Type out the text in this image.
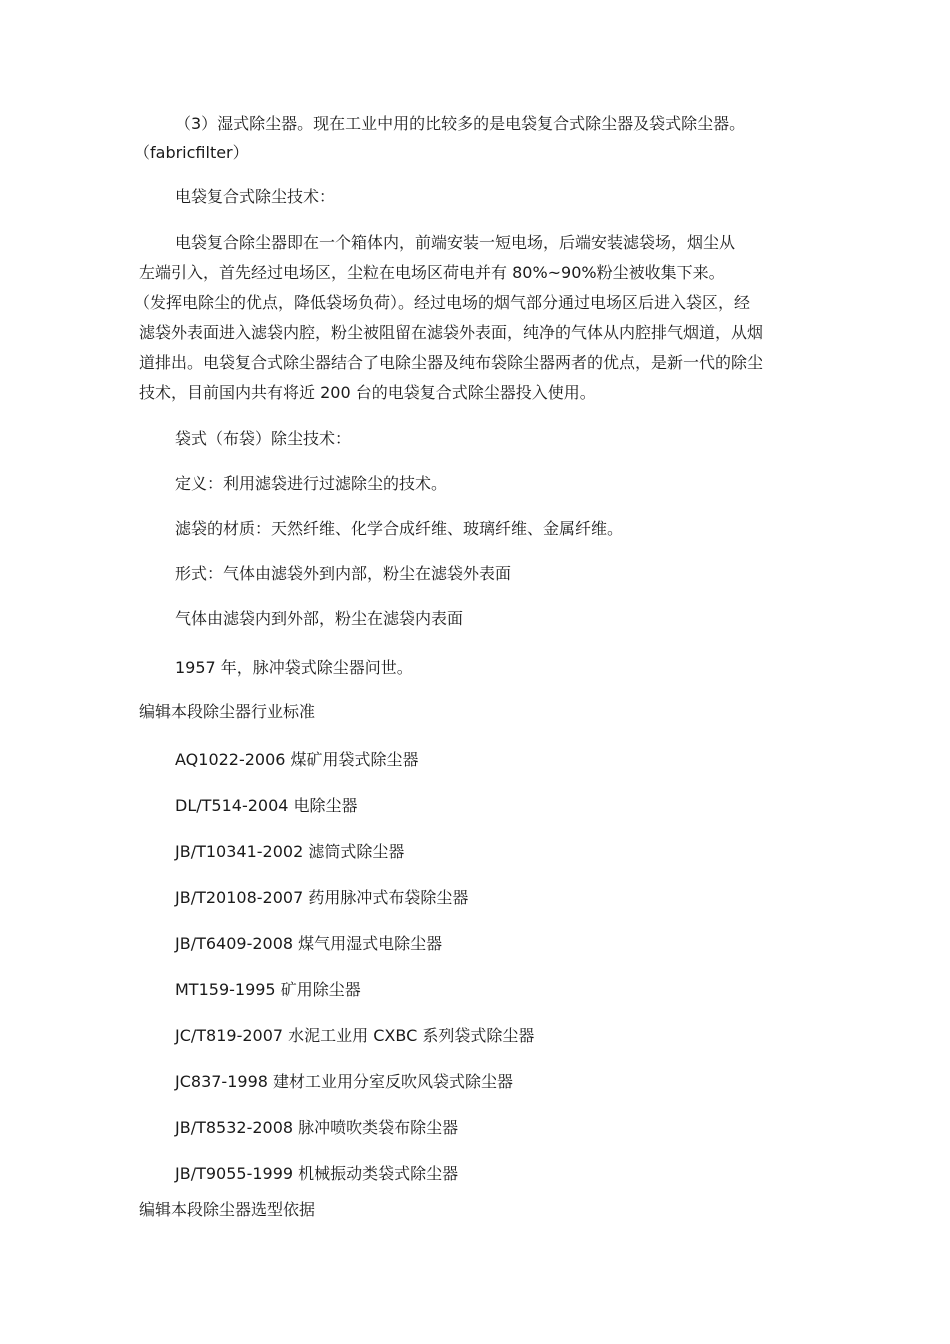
（3）湿式除尘器。现在工业中用的比较多的是电袋复合式除尘器及袋式除尘器。

（fabricfilter）

电袋复合式除尘技术：

电袋复合除尘器即在一个箱体内，前端安装一短电场，后端安装滤袋场，烟尘从

左端引入，首先经过电场区，尘粒在电场区荷电并有 80%~90%粉尘被收集下来。

（发挥电除尘的优点，降低袋场负荷）。经过电场的烟气部分通过电场区后进入袋区，经

滤袋外表面进入滤袋内腔，粉尘被阻留在滤袋外表面，纯净的气体从内腔排气烟道，从烟

道排出。电袋复合式除尘器结合了电除尘器及纯布袋除尘器两者的优点，是新一代的除尘

技术，目前国内共有将近 200 台的电袋复合式除尘器投入使用。

袋式（布袋）除尘技术：

定义：利用滤袋进行过滤除尘的技术。

滤袋的材质：天然纤维、化学合成纤维、玻璃纤维、金属纤维。

形式：气体由滤袋外到内部，粉尘在滤袋外表面

气体由滤袋内到外部，粉尘在滤袋内表面

1957 年，脉冲袋式除尘器问世。

编辑本段除尘器行业标准

AQ1022-2006 煤矿用袋式除尘器

DL/T514-2004 电除尘器

JB/T10341-2002 滤筒式除尘器

JB/T20108-2007 药用脉冲式布袋除尘器

JB/T6409-2008 煤气用湿式电除尘器

MT159-1995 矿用除尘器

JC/T819-2007 水泥工业用 CXBC 系列袋式除尘器

JC837-1998 建材工业用分室反吹风袋式除尘器

JB/T8532-2008 脉冲喷吹类袋布除尘器

JB/T9055-1999 机械振动类袋式除尘器

编辑本段除尘器选型依据
